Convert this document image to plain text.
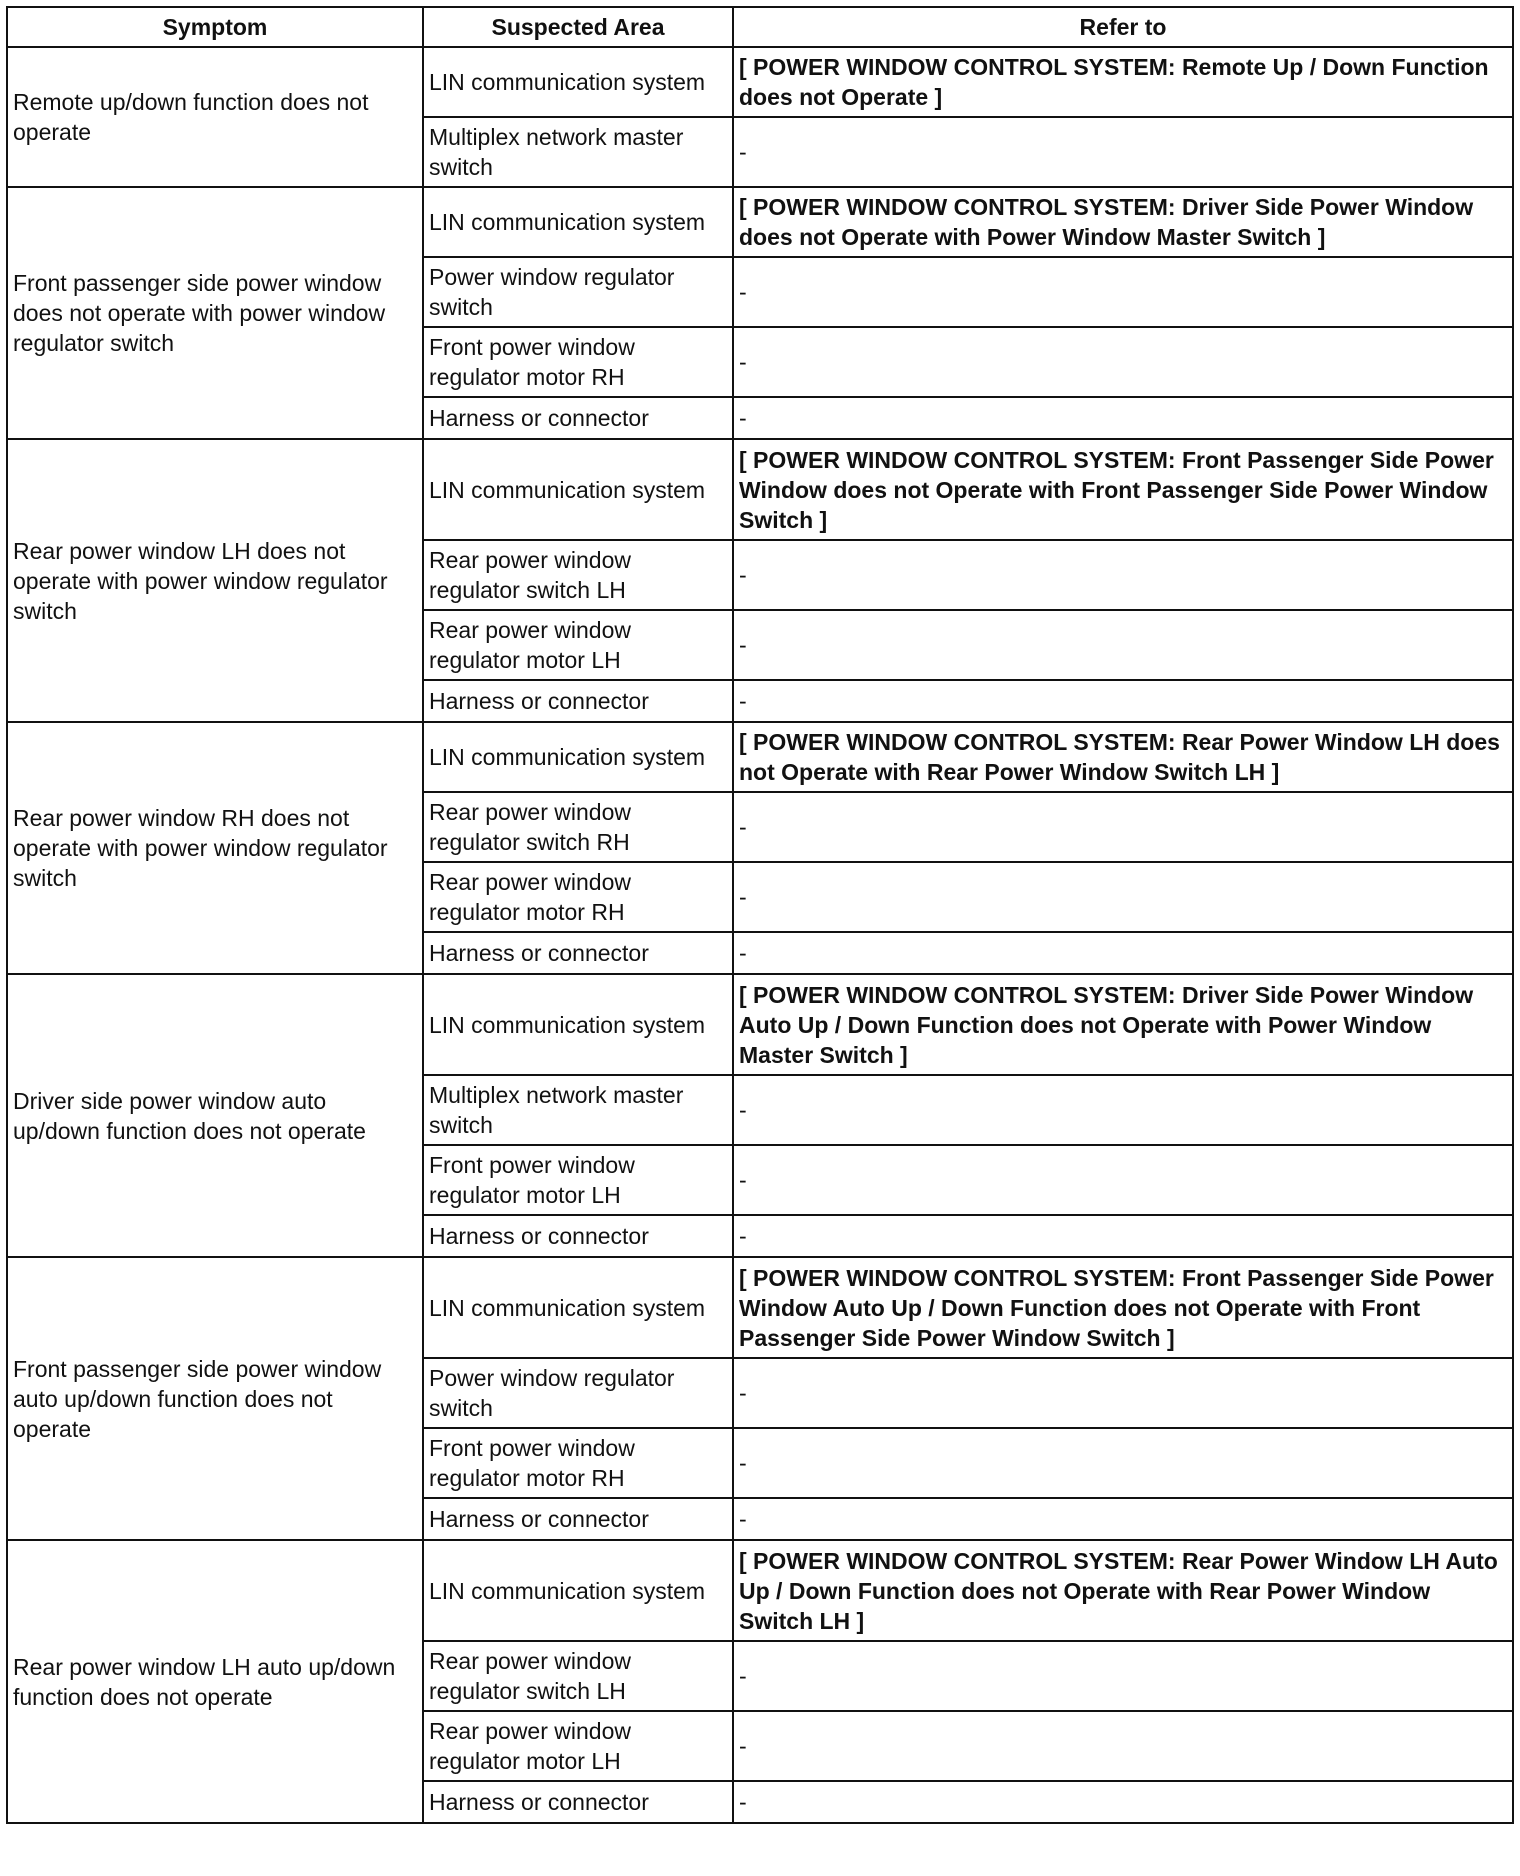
Symptom	Suspected Area	Refer to
Remote up/down function does not operate	LIN communication system	[ POWER WINDOW CONTROL SYSTEM: Remote Up / Down Function does not Operate ]
	Multiplex network master switch	-
Front passenger side power window does not operate with power window regulator switch	LIN communication system	[ POWER WINDOW CONTROL SYSTEM: Driver Side Power Window does not Operate with Power Window Master Switch ]
	Power window regulator switch	-
	Front power window regulator motor RH	-
	Harness or connector	-
Rear power window LH does not operate with power window regulator switch	LIN communication system	[ POWER WINDOW CONTROL SYSTEM: Front Passenger Side Power Window does not Operate with Front Passenger Side Power Window Switch ]
	Rear power window regulator switch LH	-
	Rear power window regulator motor LH	-
	Harness or connector	-
Rear power window RH does not operate with power window regulator switch	LIN communication system	[ POWER WINDOW CONTROL SYSTEM: Rear Power Window LH does not Operate with Rear Power Window Switch LH ]
	Rear power window regulator switch RH	-
	Rear power window regulator motor RH	-
	Harness or connector	-
Driver side power window auto up/down function does not operate	LIN communication system	[ POWER WINDOW CONTROL SYSTEM: Driver Side Power Window Auto Up / Down Function does not Operate with Power Window Master Switch ]
	Multiplex network master switch	-
	Front power window regulator motor LH	-
	Harness or connector	-
Front passenger side power window auto up/down function does not operate	LIN communication system	[ POWER WINDOW CONTROL SYSTEM: Front Passenger Side Power Window Auto Up / Down Function does not Operate with Front Passenger Side Power Window Switch ]
	Power window regulator switch	-
	Front power window regulator motor RH	-
	Harness or connector	-
Rear power window LH auto up/down function does not operate	LIN communication system	[ POWER WINDOW CONTROL SYSTEM: Rear Power Window LH Auto Up / Down Function does not Operate with Rear Power Window Switch LH ]
	Rear power window regulator switch LH	-
	Rear power window regulator motor LH	-
	Harness or connector	-
